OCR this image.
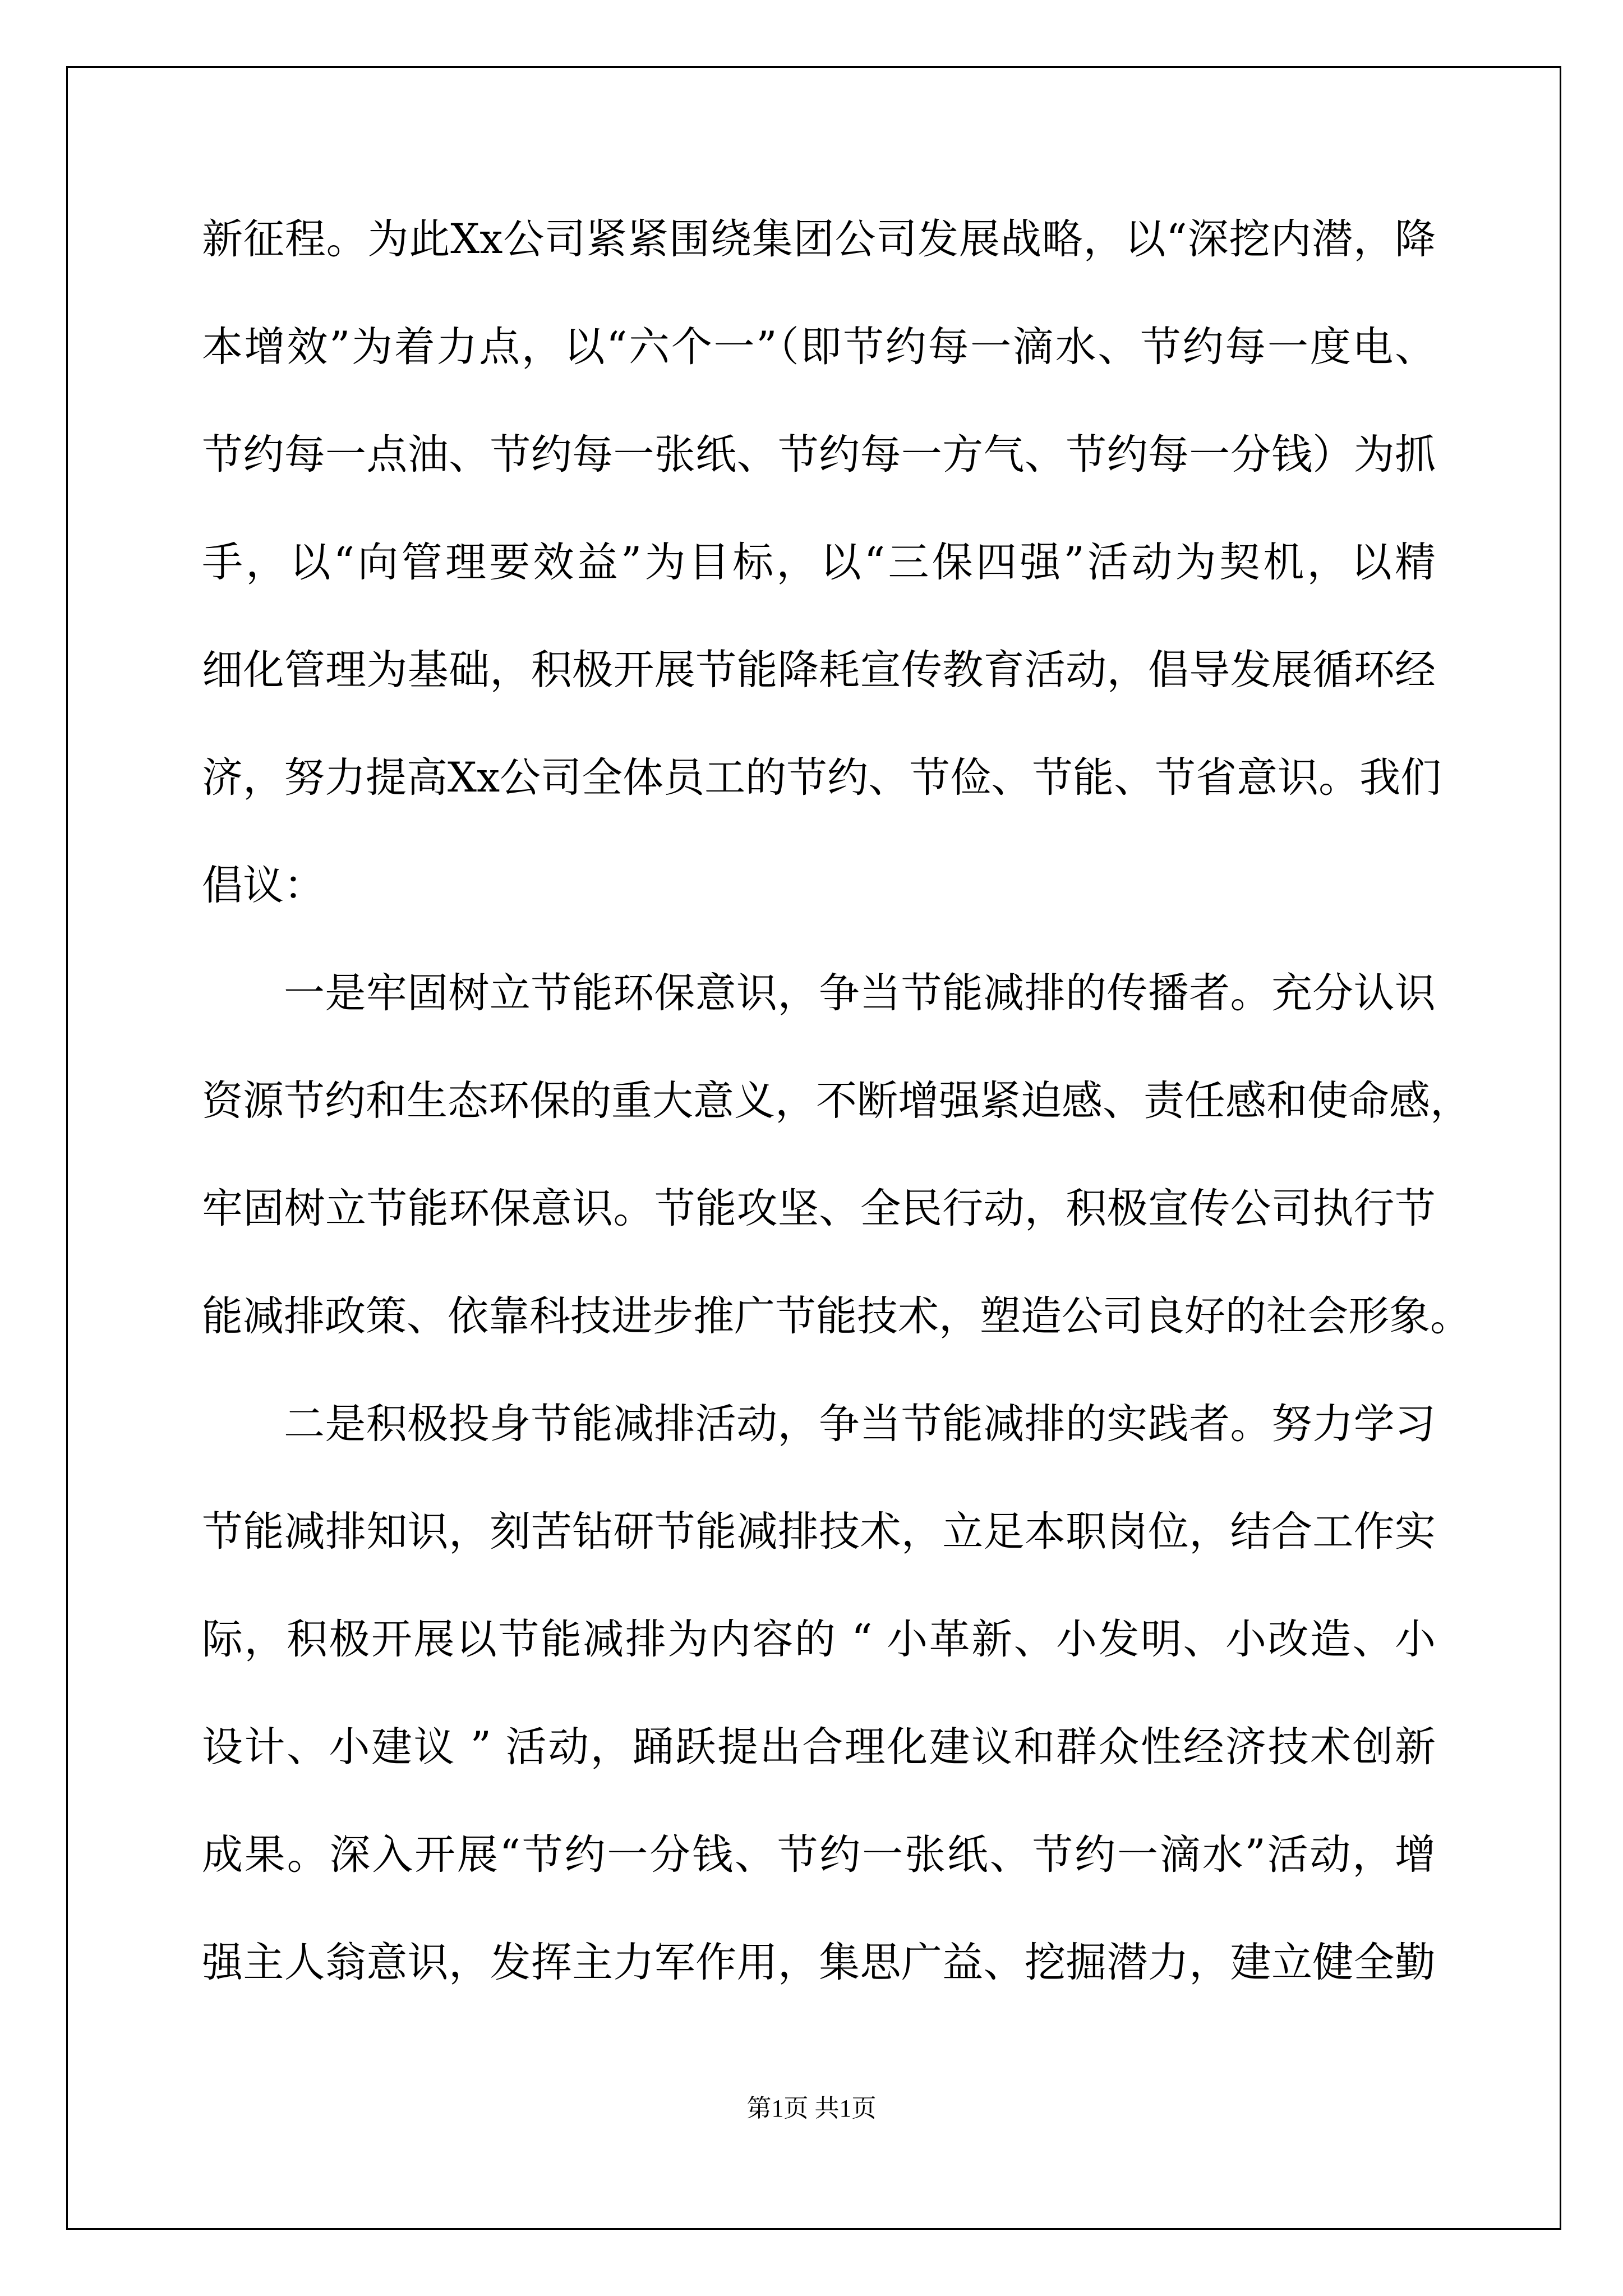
新征程。为此Xx公司紧紧围绕集团公司发展战略，以“深挖内潜，降
本增效”为着力点，以“六个一”（即节约每一滴水、节约每一度电、
节约每一点油、节约每一张纸、节约每一方气、节约每一分钱）为抓
手，以“向管理要效益”为目标，以“三保四强”活动为契机，以精
细化管理为基础，积极开展节能降耗宣传教育活动，倡导发展循环经
济，努力提高Xx公司全体员工的节约、节俭、节能、节省意识。我们
倡议：
一是牢固树立节能环保意识，争当节能减排的传播者。充分认识
资源节约和生态环保的重大意义，不断增强紧迫感、责任感和使命感，
牢固树立节能环保意识。节能攻坚、全民行动，积极宣传公司执行节
能减排政策、依靠科技进步推广节能技术，塑造公司良好的社会形象。
二是积极投身节能减排活动，争当节能减排的实践者。努力学习
节能减排知识，刻苦钻研节能减排技术，立足本职岗位，结合工作实
际，积极开展以节能减排为内容的 “ 小革新、小发明、小改造、小
设计、小建议 ” 活动，踊跃提出合理化建议和群众性经济技术创新
成果。深入开展“节约一分钱、节约一张纸、节约一滴水”活动，增
强主人翁意识，发挥主力军作用，集思广益、挖掘潜力，建立健全勤
第1页 共1页
